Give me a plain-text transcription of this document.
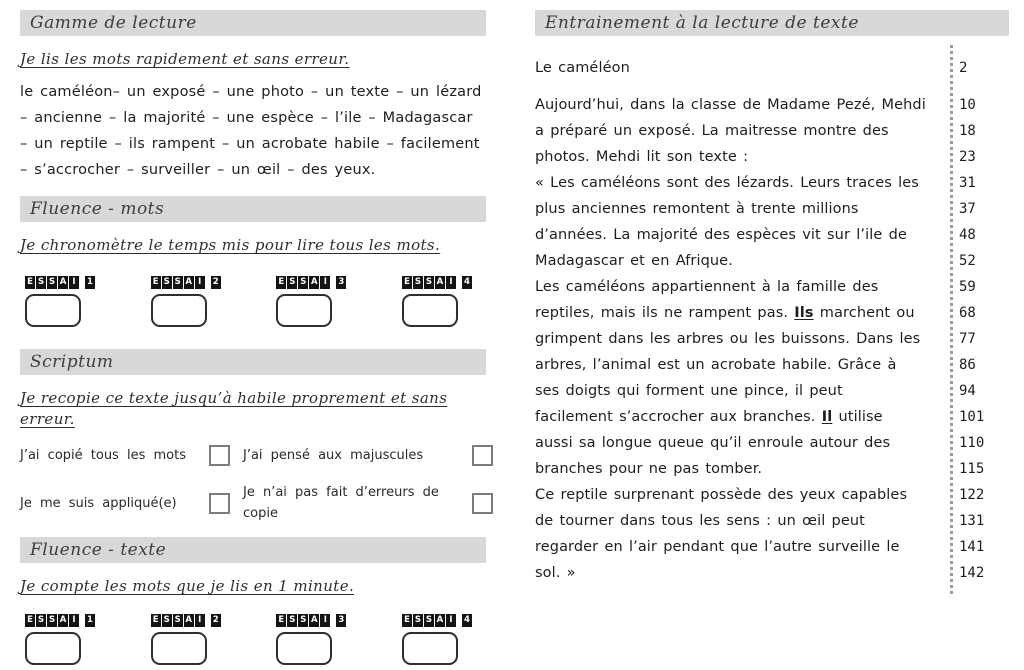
Gamme de lecture
Je lis les mots rapidement et sans erreur.
le caméléon– un exposé – une photo – un texte – un lézard – ancienne – la majorité – une espèce – l’ile – Madagascar – un reptile – ils rampent – un acrobate habile – facilement – s’accrocher – surveiller – un œil – des yeux.
Fluence - mots
Je chronomètre le temps mis pour lire tous les mots.
E S S A I	1	E S S A I	2	E S S A I	3	E S S A I	4
Scriptum
Je recopie ce texte jusqu’à habile proprement et sans erreur.
J’ai copié tous les mots	J’ai pensé aux majuscules
Je me suis appliqué(e)
Je n’ai pas fait d’erreurs de copie
Fluence - texte
Je compte les mots que je lis en 1 minute.
E S S A I	1	E S S A I	2	E S S A I	3	E S S A I	4
Entrainement à la lecture de texte
Le caméléon	2
Aujourd’hui, dans la classe de Madame Pezé, Mehdi 10
a préparé un exposé. La maitresse montre des	18
photos. Mehdi lit son texte :	23
« Les caméléons sont des lézards. Leurs traces les	31
plus anciennes remontent à trente millions	37
d’années. La majorité des espèces vit sur l’ile de	48
Madagascar et en Afrique.	52
Les caméléons appartiennent à la famille des	59
reptiles, mais ils ne rampent pas. Ils marchent ou	68
grimpent dans les arbres ou les buissons. Dans les	77
arbres, l’animal est un acrobate habile. Grâce à	86
ses doigts qui forment une pince, il peut	94
facilement s’accrocher aux branches. Il utilise	101
aussi sa longue queue qu’il enroule autour des	110
branches pour ne pas tomber.	115
Ce reptile surprenant possède des yeux capables	122
de tourner dans tous les sens : un œil peut	131
regarder en l’air pendant que l’autre surveille le	141
sol. »	142
